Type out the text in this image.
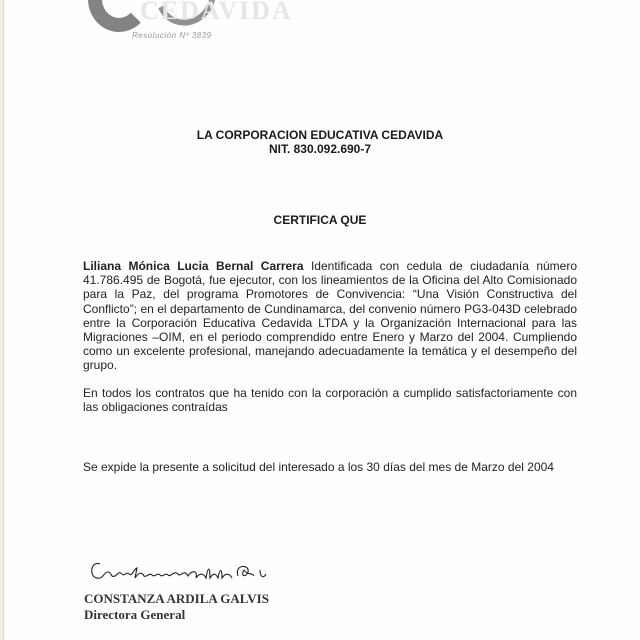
CEDAVIDA
Resolución Nº 3839
LA CORPORACION EDUCATIVA CEDAVIDA
NIT. 830.092.690-7
CERTIFICA QUE
Liliana Mónica Lucia Bernal Carrera Identificada con cedula de ciudadanía número 41.786.495 de Bogotá, fue ejecutor, con los lineamientos de la Oficina del Alto Comisionado para la Paz, del programa Promotores de Convivencia: “Una Visión Constructiva del Conflicto”; en el departamento de Cundinamarca, del convenio número PG3-043D celebrado entre la Corporación Educativa Cedavida LTDA y la Organización Internacional para las Migraciones –OIM, en el periodo comprendido entre Enero y Marzo del 2004. Cumpliendo como un excelente profesional, manejando adecuadamente la temática y el desempeño del grupo.
En todos los contratos que ha tenido con la corporación a cumplido satisfactoriamente con las obligaciones contraídas
Se expide la presente a solicitud del interesado a los 30 días del mes de Marzo del 2004
CONSTANZA ARDILA GALVIS
Directora General
